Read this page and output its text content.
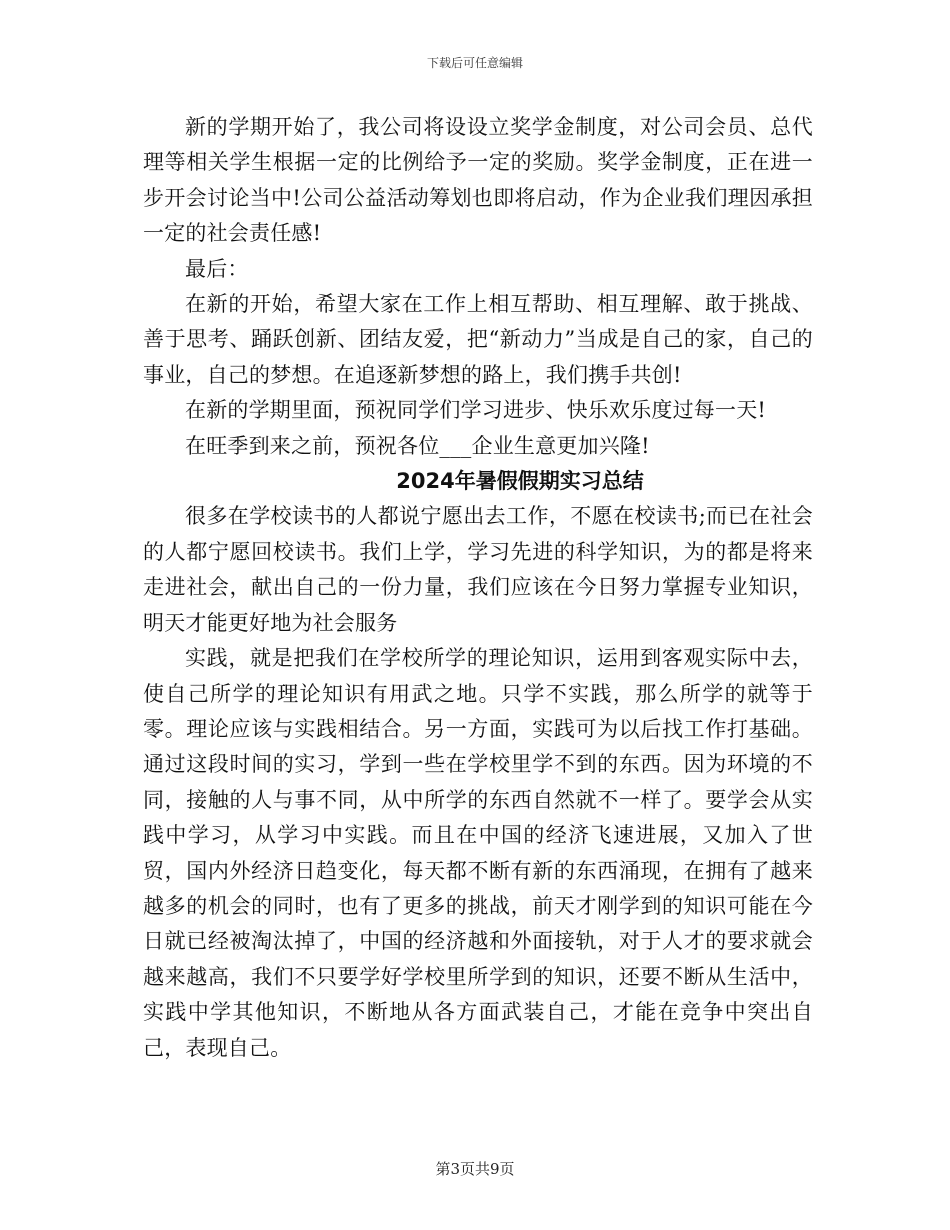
下载后可任意编辑

新的学期开始了，我公司将设设立奖学金制度，对公司会员、总代理等相关学生根据一定的比例给予一定的奖励。奖学金制度，正在进一步开会讨论当中!公司公益活动筹划也即将启动，作为企业我们理因承担一定的社会责任感!

最后：

在新的开始，希望大家在工作上相互帮助、相互理解、敢于挑战、善于思考、踊跃创新、团结友爱，把“新动力”当成是自己的家，自己的事业，自己的梦想。在追逐新梦想的路上，我们携手共创!

在新的学期里面，预祝同学们学习进步、快乐欢乐度过每一天!

在旺季到来之前，预祝各位___企业生意更加兴隆!

2024年暑假假期实习总结

很多在学校读书的人都说宁愿出去工作，不愿在校读书;而已在社会的人都宁愿回校读书。我们上学，学习先进的科学知识，为的都是将来走进社会，献出自己的一份力量，我们应该在今日努力掌握专业知识，明天才能更好地为社会服务

实践，就是把我们在学校所学的理论知识，运用到客观实际中去，使自己所学的理论知识有用武之地。只学不实践，那么所学的就等于零。理论应该与实践相结合。另一方面，实践可为以后找工作打基础。通过这段时间的实习，学到一些在学校里学不到的东西。因为环境的不同，接触的人与事不同，从中所学的东西自然就不一样了。要学会从实践中学习，从学习中实践。而且在中国的经济飞速进展，又加入了世贸，国内外经济日趋变化，每天都不断有新的东西涌现，在拥有了越来越多的机会的同时，也有了更多的挑战，前天才刚学到的知识可能在今日就已经被淘汰掉了，中国的经济越和外面接轨，对于人才的要求就会越来越高，我们不只要学好学校里所学到的知识，还要不断从生活中，实践中学其他知识，不断地从各方面武装自己，才能在竞争中突出自己，表现自己。

第3页共9页
